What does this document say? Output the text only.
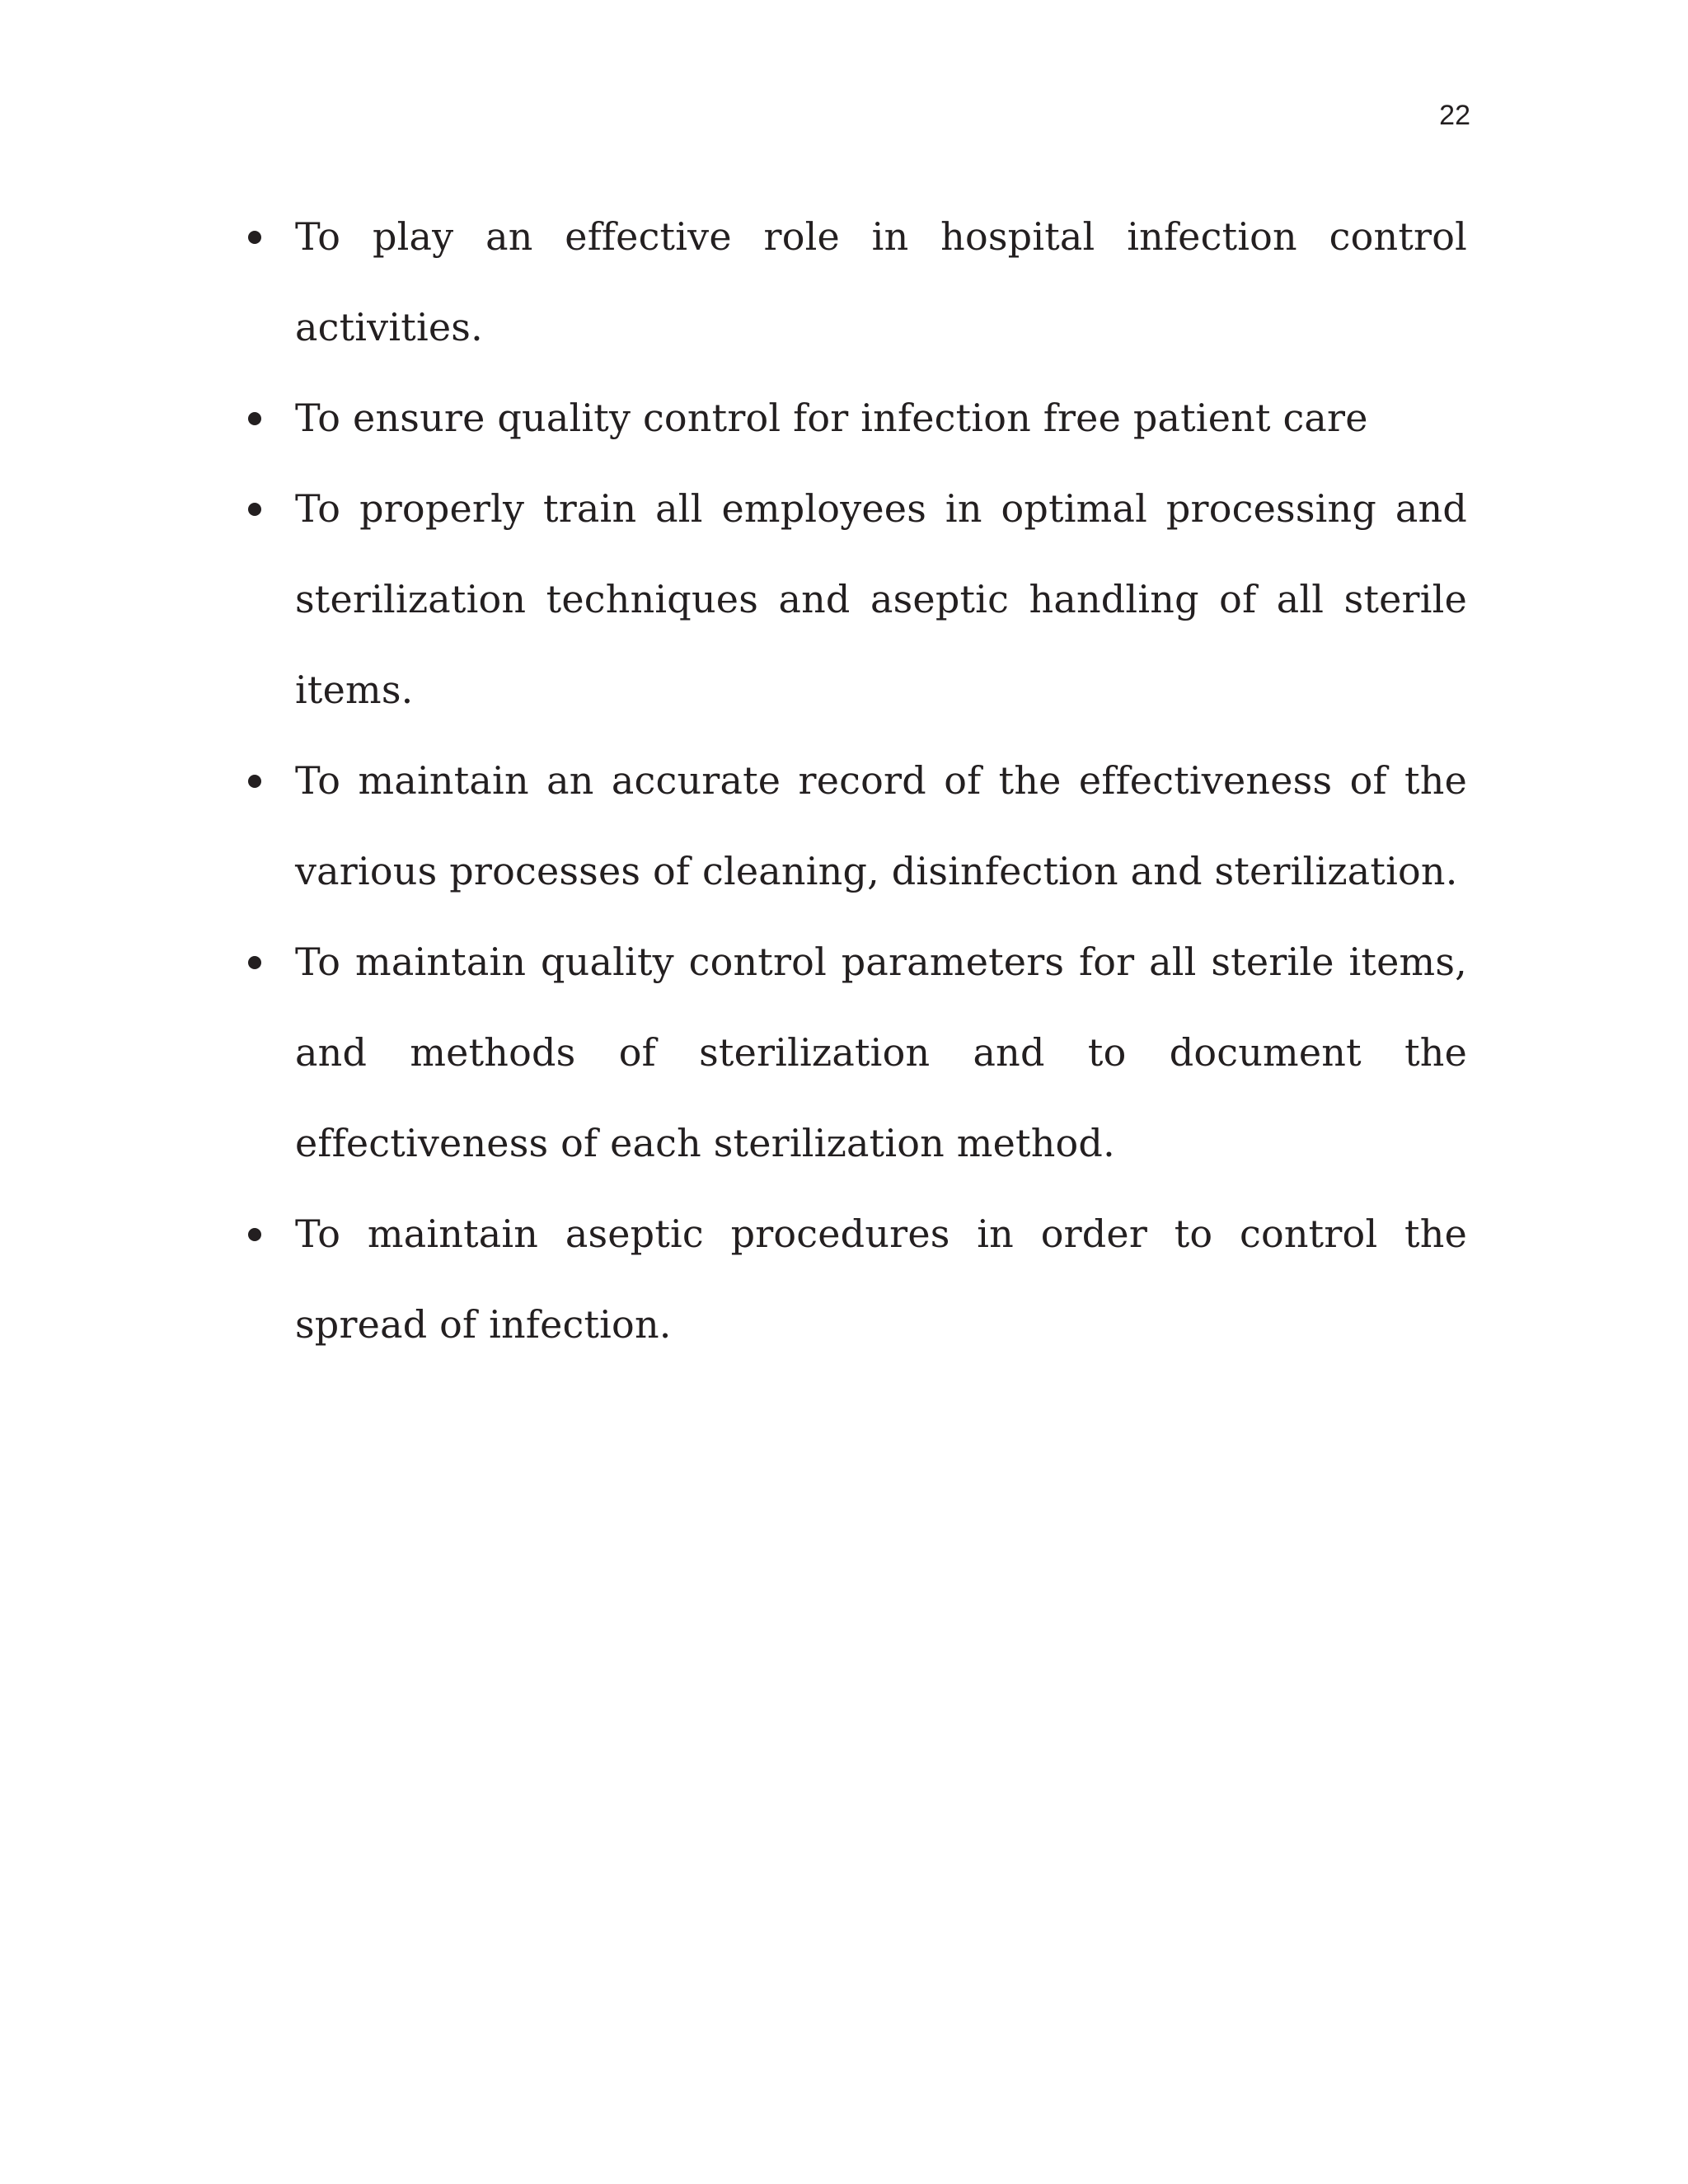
22
To play an effective role in hospital infection control activities.
To ensure quality control for infection free patient care
To properly train all employees in optimal processing and sterilization techniques and aseptic handling of all sterile items.
To maintain an accurate record of the effectiveness of the various processes of cleaning, disinfection and sterilization.
To maintain quality control parameters for all sterile items, and methods of sterilization and to document the effectiveness of each sterilization method.
To maintain aseptic procedures in order to control the spread of infection.
